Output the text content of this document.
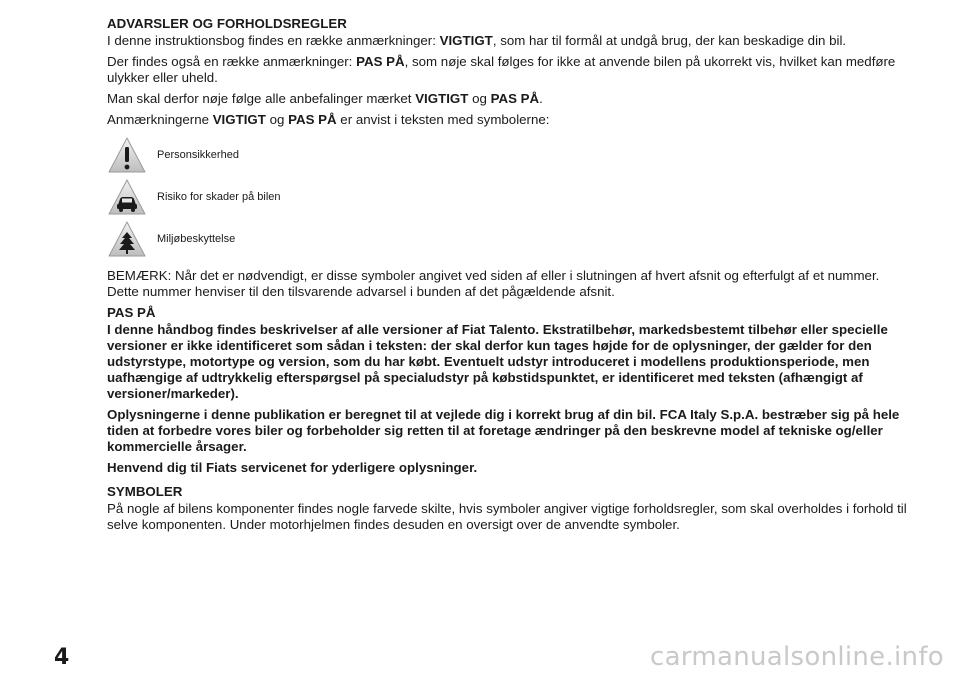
ADVARSLER OG FORHOLDSREGLER
I denne instruktionsbog findes en række anmærkninger: VIGTIGT, som har til formål at undgå brug, der kan beskadige din bil.
Der findes også en række anmærkninger: PAS PÅ, som nøje skal følges for ikke at anvende bilen på ukorrekt vis, hvilket kan medføre ulykker eller uheld.
Man skal derfor nøje følge alle anbefalinger mærket VIGTIGT og PAS PÅ.
Anmærkningerne VIGTIGT og PAS PÅ er anvist i teksten med symbolerne:
Personsikkerhed
Risiko for skader på bilen
Miljøbeskyttelse
BEMÆRK: Når det er nødvendigt, er disse symboler angivet ved siden af eller i slutningen af hvert afsnit og efterfulgt af et nummer. Dette nummer henviser til den tilsvarende advarsel i bunden af det pågældende afsnit.
PAS PÅ
I denne håndbog findes beskrivelser af alle versioner af Fiat Talento. Ekstratilbehør, markedsbestemt tilbehør eller specielle versioner er ikke identificeret som sådan i teksten: der skal derfor kun tages højde for de oplysninger, der gælder for den udstyrstype, motortype og version, som du har købt. Eventuelt udstyr introduceret i modellens produktionsperiode, men uafhængige af udtrykkelig efterspørgsel på specialudstyr på købstidspunktet, er identificeret med teksten (afhængigt af versioner/markeder).
Oplysningerne i denne publikation er beregnet til at vejlede dig i korrekt brug af din bil. FCA Italy S.p.A. bestræber sig på hele tiden at forbedre vores biler og forbeholder sig retten til at foretage ændringer på den beskrevne model af tekniske og/eller kommercielle årsager.
Henvend dig til Fiats servicenet for yderligere oplysninger.
SYMBOLER
På nogle af bilens komponenter findes nogle farvede skilte, hvis symboler angiver vigtige forholdsregler, som skal overholdes i forhold til selve komponenten. Under motorhjelmen findes desuden en oversigt over de anvendte symboler.
4	carmanualsonline.info
